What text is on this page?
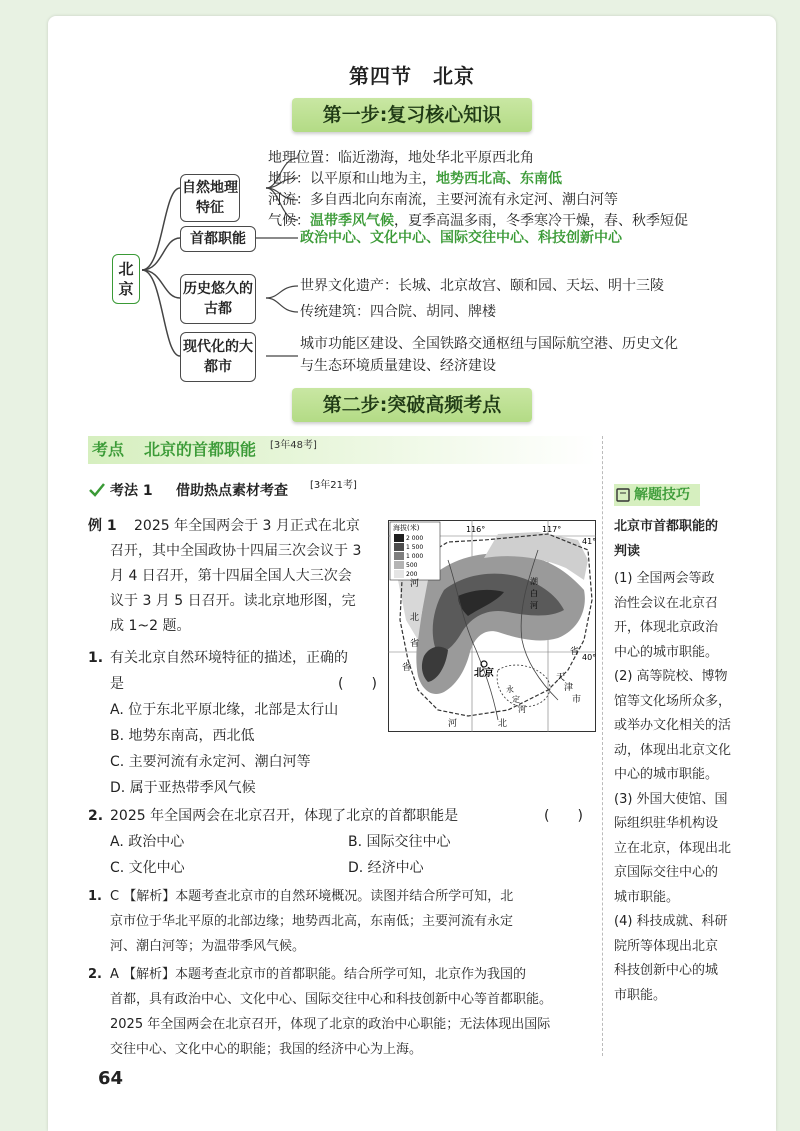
第四节　北京
第一步:复习核心知识
北京
自然地理特征
地理位置：临近渤海，地处华北平原西北角
地形：以平原和山地为主，地势西北高、东南低
河流：多自西北向东南流，主要河流有永定河、潮白河等
气候：温带季风气候，夏季高温多雨，冬季寒冷干燥，春、秋季短促
首都职能	政治中心、文化中心、国际交往中心、科技创新中心
历史悠久的古都
世界文化遗产：长城、北京故宫、颐和园、天坛、明十三陵
传统建筑：四合院、胡同、牌楼
现代化的大都市
城市功能区建设、全国铁路交通枢纽与国际航空港、历史文化
与生态环境质量建设、经济建设
第二步:突破高频考点
考点 北京的首都职能 [3年48考]
考法 1 借助热点素材考查 [3年21考]
例 1 2025 年全国两会于 3 月正式在北京
召开，其中全国政协十四届三次会议于 3
月 4 日召开，第十四届全国人大三次会
议于 3 月 5 日召开。读北京地形图，完
成 1~2 题。
海拔(米)
2 000
1 500
1 000
500
200
116°	117°
41°
40°
北京
河
北
省
省
天
津
市
河	北
省
潮
白
河
永
定
河
1. 有关北京自然环境特征的描述，正确的
是	(　　)
A. 位于东北平原北缘，北部是太行山
B. 地势东南高，西北低
C. 主要河流有永定河、潮白河等
D. 属于亚热带季风气候
2. 2025 年全国两会在北京召开，体现了北京的首都职能是	(　　)
A. 政治中心	B. 国际交往中心
C. 文化中心	D. 经济中心
1. C 【解析】本题考查北京市的自然环境概况。读图并结合所学可知，北
京市位于华北平原的北部边缘；地势西北高，东南低；主要河流有永定
河、潮白河等；为温带季风气候。
2. A 【解析】本题考查北京市的首都职能。结合所学可知，北京作为我国的
首都，具有政治中心、文化中心、国际交往中心和科技创新中心等首都职能。
2025 年全国两会在北京召开，体现了北京的政治中心职能；无法体现出国际
交往中心、文化中心的职能；我国的经济中心为上海。
解题技巧
北京市首都职能的
判读
(1) 全国两会等政
治性会议在北京召
开，体现北京政治
中心的城市职能。
(2) 高等院校、博物
馆等文化场所众多，
或举办文化相关的活
动，体现出北京文化
中心的城市职能。
(3) 外国大使馆、国
际组织驻华机构设
立在北京，体现出北
京国际交往中心的
城市职能。
(4) 科技成就、科研
院所等体现出北京
科技创新中心的城
市职能。
64
